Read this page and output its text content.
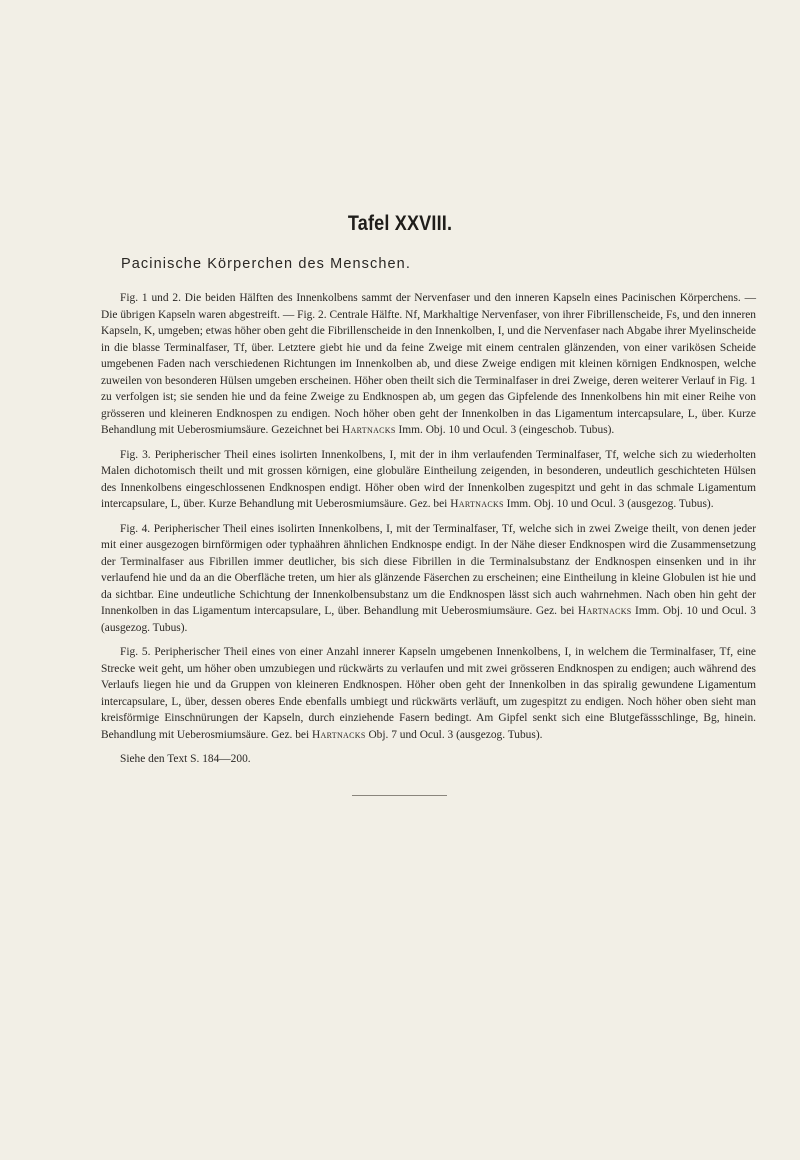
Tafel XXVIII.
Pacinische Körperchen des Menschen.

Fig. 1 und 2. Die beiden Hälften des Innenkolbens sammt der Nervenfaser und den inneren Kapseln eines Pacinischen Körperchens. — Die übrigen Kapseln waren abgestreift. — Fig. 2. Centrale Hälfte. Nf, Markhaltige Nervenfaser, von ihrer Fibrillenscheide, Fs, und den inneren Kapseln, K, umgeben; etwas höher oben geht die Fibrillenscheide in den Innenkolben, I, und die Nervenfaser nach Abgabe ihrer Myelinscheide in die blasse Terminalfaser, Tf, über. Letztere giebt hie und da feine Zweige mit einem centralen glänzenden, von einer varikösen Scheide umgebenen Faden nach verschiedenen Richtungen im Innenkolben ab, und diese Zweige endigen mit kleinen körnigen Endknospen, welche zuweilen von besonderen Hülsen umgeben erscheinen. Höher oben theilt sich die Terminalfaser in drei Zweige, deren weiterer Verlauf in Fig. 1 zu verfolgen ist; sie senden hie und da feine Zweige zu Endknospen ab, um gegen das Gipfelende des Innenkolbens hin mit einer Reihe von grösseren und kleineren Endknospen zu endigen. Noch höher oben geht der Innenkolben in das Ligamentum intercapsulare, L, über. Kurze Behandlung mit Ueberosmiumsäure. Gezeichnet bei Hartnacks Imm. Obj. 10 und Ocul. 3 (eingeschob. Tubus).

Fig. 3. Peripherischer Theil eines isolirten Innenkolbens, I, mit der in ihm verlaufenden Terminalfaser, Tf, welche sich zu wiederholten Malen dichotomisch theilt und mit grossen körnigen, eine globuläre Eintheilung zeigenden, in besonderen, undeutlich geschichteten Hülsen des Innenkolbens eingeschlossenen Endknospen endigt. Höher oben wird der Innenkolben zugespitzt und geht in das schmale Ligamentum intercapsulare, L, über. Kurze Behandlung mit Ueberosmiumsäure. Gez. bei Hartnacks Imm. Obj. 10 und Ocul. 3 (ausgezog. Tubus).

Fig. 4. Peripherischer Theil eines isolirten Innenkolbens, I, mit der Terminalfaser, Tf, welche sich in zwei Zweige theilt, von denen jeder mit einer ausgezogen birnförmigen oder typhaähren ähnlichen Endknospe endigt. In der Nähe dieser Endknospen wird die Zusammensetzung der Terminalfaser aus Fibrillen immer deutlicher, bis sich diese Fibrillen in die Terminalsubstanz der Endknospen einsenken und in ihr verlaufend hie und da an die Oberfläche treten, um hier als glänzende Fäserchen zu erscheinen; eine Eintheilung in kleine Globulen ist hie und da sichtbar. Eine undeutliche Schichtung der Innenkolbensubstanz um die Endknospen lässt sich auch wahrnehmen. Nach oben hin geht der Innenkolben in das Ligamentum intercapsulare, L, über. Behandlung mit Ueberosmiumsäure. Gez. bei Hartnacks Imm. Obj. 10 und Ocul. 3 (ausgezog. Tubus).

Fig. 5. Peripherischer Theil eines von einer Anzahl innerer Kapseln umgebenen Innenkolbens, I, in welchem die Terminalfaser, Tf, eine Strecke weit geht, um höher oben umzubiegen und rückwärts zu verlaufen und mit zwei grösseren Endknospen zu endigen; auch während des Verlaufs liegen hie und da Gruppen von kleineren Endknospen. Höher oben geht der Innenkolben in das spiralig gewundene Ligamentum intercapsulare, L, über, dessen oberes Ende ebenfalls umbiegt und rückwärts verläuft, um zugespitzt zu endigen. Noch höher oben sieht man kreisförmige Einschnürungen der Kapseln, durch einziehende Fasern bedingt. Am Gipfel senkt sich eine Blutgefässschlinge, Bg, hinein. Behandlung mit Ueberosmiumsäure. Gez. bei Hartnacks Obj. 7 und Ocul. 3 (ausgezog. Tubus).

Siehe den Text S. 184—200.
